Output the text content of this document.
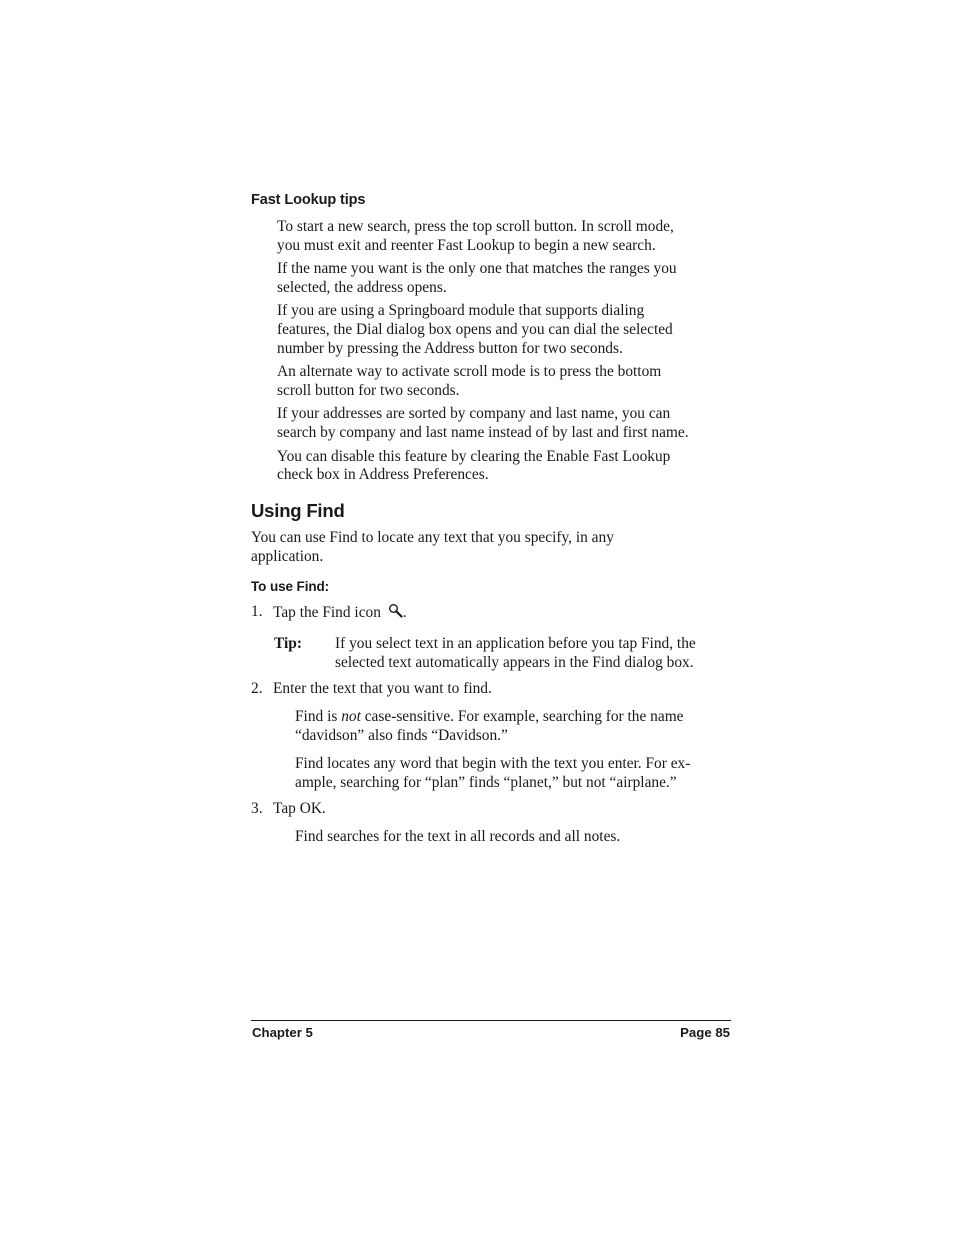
Fast Lookup tips

To start a new search, press the top scroll button. In scroll mode,
you must exit and reenter Fast Lookup to begin a new search.

If the name you want is the only one that matches the ranges you
selected, the address opens.

If you are using a Springboard module that supports dialing
features, the Dial dialog box opens and you can dial the selected
number by pressing the Address button for two seconds.

An alternate way to activate scroll mode is to press the bottom
scroll button for two seconds.

If your addresses are sorted by company and last name, you can
search by company and last name instead of by last and first name.

You can disable this feature by clearing the Enable Fast Lookup
check box in Address Preferences.

Using Find

You can use Find to locate any text that you specify, in any
application.

To use Find:
1. Tap the Find icon .
Tip: If you select text in an application before you tap Find, the
selected text automatically appears in the Find dialog box.

2. Enter the text that you want to find.

Find is not case-sensitive. For example, searching for the name
“davidson” also finds “Davidson.”

Find locates any word that begin with the text you enter. For ex-
ample, searching for “plan” finds “planet,” but not “airplane.”

3. Tap OK.

Find searches for the text in all records and all notes.

Chapter 5	Page 85
